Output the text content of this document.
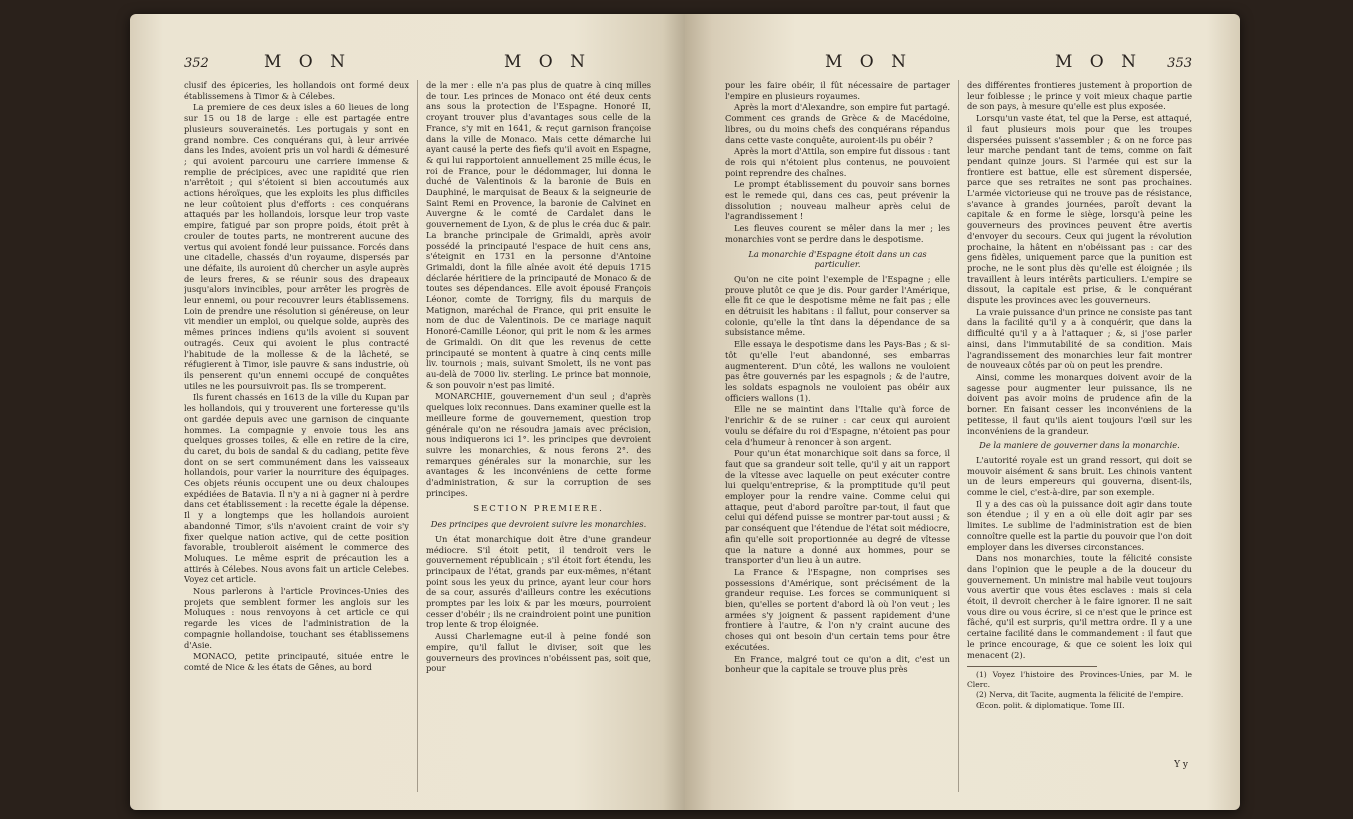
352	M O N	M O N

clusif des épiceries, les hollandois ont formé deux établissemens à Timor & à Célebes.

La premiere de ces deux isles a 60 lieues de long sur 15 ou 18 de large : elle est partagée entre plusieurs souverainetés. Les portugais y sont en grand nombre. Ces conquérans qui, à leur arrivée dans les Indes, avoient pris un vol hardi & démesuré ; qui avoient parcouru une carriere immense & remplie de précipices, avec une rapidité que rien n'arrêtoit ; qui s'étoient si bien accoutumés aux actions héroïques, que les exploits les plus difficiles ne leur coûtoient plus d'efforts : ces conquérans attaqués par les hollandois, lorsque leur trop vaste empire, fatigué par son propre poids, étoit prêt à crouler de toutes parts, ne montrerent aucune des vertus qui avoient fondé leur puissance. Forcés dans une citadelle, chassés d'un royaume, dispersés par une défaite, ils auroient dû chercher un asyle auprès de leurs freres, & se réunir sous des drapeaux jusqu'alors invincibles, pour arrêter les progrès de leur ennemi, ou pour recouvrer leurs établissemens. Loin de prendre une résolution si généreuse, on leur vit mendier un emploi, ou quelque solde, auprès des mêmes princes indiens qu'ils avoient si souvent outragés. Ceux qui avoient le plus contracté l'habitude de la mollesse & de la lâcheté, se réfugierent à Timor, isle pauvre & sans industrie, où ils penserent qu'un ennemi occupé de conquêtes utiles ne les poursuivroit pas. Ils se tromperent.

Ils furent chassés en 1613 de la ville du Kupan par les hollandois, qui y trouverent une forteresse qu'ils ont gardée depuis avec une garnison de cinquante hommes. La compagnie y envoie tous les ans quelques grosses toiles, & elle en retire de la cire, du caret, du bois de sandal & du cadiang, petite fève dont on se sert communément dans les vaisseaux hollandois, pour varier la nourriture des équipages. Ces objets réunis occupent une ou deux chaloupes expédiées de Batavia. Il n'y a ni à gagner ni à perdre dans cet établissement : la recette égale la dépense. Il y a longtemps que les hollandois auroient abandonné Timor, s'ils n'avoient craint de voir s'y fixer quelque nation active, qui de cette position favorable, troubleroit aisément le commerce des Moluques. Le même esprit de précaution les a attirés à Célebes. Nous avons fait un article Celebes. Voyez cet article.

Nous parlerons à l'article Provinces-Unies des projets que semblent former les anglois sur les Moluques : nous renvoyons à cet article ce qui regarde les vices de l'administration de la compagnie hollandoise, touchant ses établissemens d'Asie.

MONACO, petite principauté, située entre le comté de Nice & les états de Gênes, au bord

de la mer : elle n'a pas plus de quatre à cinq milles de tour. Les princes de Monaco ont été deux cents ans sous la protection de l'Espagne. Honoré II, croyant trouver plus d'avantages sous celle de la France, s'y mit en 1641, & reçut garnison françoise dans la ville de Monaco. Mais cette démarche lui ayant causé la perte des fiefs qu'il avoit en Espagne, & qui lui rapportoient annuellement 25 mille écus, le roi de France, pour le dédommager, lui donna le duché de Valentinois & la baronie de Buis en Dauphiné, le marquisat de Beaux & la seigneurie de Saint Remi en Provence, la baronie de Calvinet en Auvergne & le comté de Cardalet dans le gouvernement de Lyon, & de plus le créa duc & pair. La branche principale de Grimaldi, après avoir possédé la principauté l'espace de huit cens ans, s'éteignit en 1731 en la personne d'Antoine Grimaldi, dont la fille aînée avoit été depuis 1715 déclarée héritiere de la principauté de Monaco & de toutes ses dépendances. Elle avoit épousé François Léonor, comte de Torrigny, fils du marquis de Matignon, maréchal de France, qui prit ensuite le nom de duc de Valentinois. De ce mariage naquit Honoré-Camille Léonor, qui prit le nom & les armes de Grimaldi. On dit que les revenus de cette principauté se montent à quatre à cinq cents mille liv. tournois ; mais, suivant Smolett, ils ne vont pas au-delà de 7000 liv. sterling. Le prince bat monnoie, & son pouvoir n'est pas limité.

MONARCHIE, gouvernement d'un seul ; d'après quelques loix reconnues. Dans examiner quelle est la meilleure forme de gouvernement, question trop générale qu'on ne résoudra jamais avec précision, nous indiquerons ici 1°. les principes que devroient suivre les monarchies, & nous ferons 2°. des remarques générales sur la monarchie, sur les avantages & les inconvéniens de cette forme d'administration, & sur la corruption de ses principes.

SECTION PREMIERE.

Des principes que devroient suivre les monarchies.

Un état monarchique doit être d'une grandeur médiocre. S'il étoit petit, il tendroit vers le gouvernement républicain ; s'il étoit fort étendu, les principaux de l'état, grands par eux-mêmes, n'étant point sous les yeux du prince, ayant leur cour hors de sa cour, assurés d'ailleurs contre les exécutions promptes par les loix & par les mœurs, pourroient cesser d'obéir ; ils ne craindroient point une punition trop lente & trop éloignée.

Aussi Charlemagne eut-il à peine fondé son empire, qu'il fallut le diviser, soit que les gouverneurs des provinces n'obéissent pas, soit que, pour

M O N	M O N 353

pour les faire obéir, il fût nécessaire de partager l'empire en plusieurs royaumes.

Après la mort d'Alexandre, son empire fut partagé. Comment ces grands de Grèce & de Macédoine, libres, ou du moins chefs des conquérans répandus dans cette vaste conquête, auroient-ils pu obéir ?

Après la mort d'Attila, son empire fut dissous : tant de rois qui n'étoient plus contenus, ne pouvoient point reprendre des chaînes.

Le prompt établissement du pouvoir sans bornes est le remede qui, dans ces cas, peut prévenir la dissolution ; nouveau malheur après celui de l'agrandissement !

Les fleuves courent se mêler dans la mer ; les monarchies vont se perdre dans le despotisme.

La monarchie d'Espagne étoit dans un cas particulier.

Qu'on ne cite point l'exemple de l'Espagne ; elle prouve plutôt ce que je dis. Pour garder l'Amérique, elle fit ce que le despotisme même ne fait pas ; elle en détruisit les habitans : il fallut, pour conserver sa colonie, qu'elle la tînt dans la dépendance de sa subsistance même.

Elle essaya le despotisme dans les Pays-Bas ; & si-tôt qu'elle l'eut abandonné, ses embarras augmenterent. D'un côté, les wallons ne vouloient pas être gouvernés par les espagnols ; & de l'autre, les soldats espagnols ne vouloient pas obéir aux officiers wallons (1).

Elle ne se maintint dans l'Italie qu'à force de l'enrichir & de se ruiner : car ceux qui auroient voulu se défaire du roi d'Espagne, n'étoient pas pour cela d'humeur à renoncer à son argent.

Pour qu'un état monarchique soit dans sa force, il faut que sa grandeur soit telle, qu'il y ait un rapport de la vîtesse avec laquelle on peut exécuter contre lui quelqu'entreprise, & la promptitude qu'il peut employer pour la rendre vaine. Comme celui qui attaque, peut d'abord paroître par-tout, il faut que celui qui défend puisse se montrer par-tout aussi ; & par conséquent que l'étendue de l'état soit médiocre, afin qu'elle soit proportionnée au degré de vîtesse que la nature a donné aux hommes, pour se transporter d'un lieu à un autre.

La France & l'Espagne, non comprises ses possessions d'Amérique, sont précisément de la grandeur requise. Les forces se communiquent si bien, qu'elles se portent d'abord là où l'on veut ; les armées s'y joignent & passent rapidement d'une frontiere à l'autre, & l'on n'y craint aucune des choses qui ont besoin d'un certain tems pour être exécutées.

En France, malgré tout ce qu'on a dit, c'est un bonheur que la capitale se trouve plus près

des différentes frontieres justement à proportion de leur foiblesse ; le prince y voit mieux chaque partie de son pays, à mesure qu'elle est plus exposée.

Lorsqu'un vaste état, tel que la Perse, est attaqué, il faut plusieurs mois pour que les troupes dispersées puissent s'assembler ; & on ne force pas leur marche pendant tant de tems, comme on fait pendant quinze jours. Si l'armée qui est sur la frontiere est battue, elle est sûrement dispersée, parce que ses retraites ne sont pas prochaines. L'armée victorieuse qui ne trouve pas de résistance, s'avance à grandes journées, paroît devant la capitale & en forme le siège, lorsqu'à peine les gouverneurs des provinces peuvent être avertis d'envoyer du secours. Ceux qui jugent la révolution prochaine, la hâtent en n'obéissant pas : car des gens fidèles, uniquement parce que la punition est proche, ne le sont plus dès qu'elle est éloignée ; ils travaillent à leurs intérêts particuliers. L'empire se dissout, la capitale est prise, & le conquérant dispute les provinces avec les gouverneurs.

La vraie puissance d'un prince ne consiste pas tant dans la facilité qu'il y a à conquérir, que dans la difficulté qu'il y a à l'attaquer ; &, si j'ose parler ainsi, dans l'immutabilité de sa condition. Mais l'agrandissement des monarchies leur fait montrer de nouveaux côtés par où on peut les prendre.

Ainsi, comme les monarques doivent avoir de la sagesse pour augmenter leur puissance, ils ne doivent pas avoir moins de prudence afin de la borner. En faisant cesser les inconvéniens de la petitesse, il faut qu'ils aient toujours l'œil sur les inconvéniens de la grandeur.

De la maniere de gouverner dans la monarchie.

L'autorité royale est un grand ressort, qui doit se mouvoir aisément & sans bruit. Les chinois vantent un de leurs empereurs qui gouverna, disent-ils, comme le ciel, c'est-à-dire, par son exemple.

Il y a des cas où la puissance doit agir dans toute son étendue ; il y en a où elle doit agir par ses limites. Le sublime de l'administration est de bien connoître quelle est la partie du pouvoir que l'on doit employer dans les diverses circonstances.

Dans nos monarchies, toute la félicité consiste dans l'opinion que le peuple a de la douceur du gouvernement. Un ministre mal habile veut toujours vous avertir que vous êtes esclaves : mais si cela étoit, il devroit chercher à le faire ignorer. Il ne sait vous dire ou vous écrire, si ce n'est que le prince est fâché, qu'il est surpris, qu'il mettra ordre. Il y a une certaine facilité dans le commandement : il faut que le prince encourage, & que ce soient les loix qui menacent (2).

(1) Voyez l'histoire des Provinces-Unies, par M. le Clerc.

(2) Nerva, dit Tacite, augmenta la félicité de l'empire.

Œcon. polit. & diplomatique. Tome III.

Y y
